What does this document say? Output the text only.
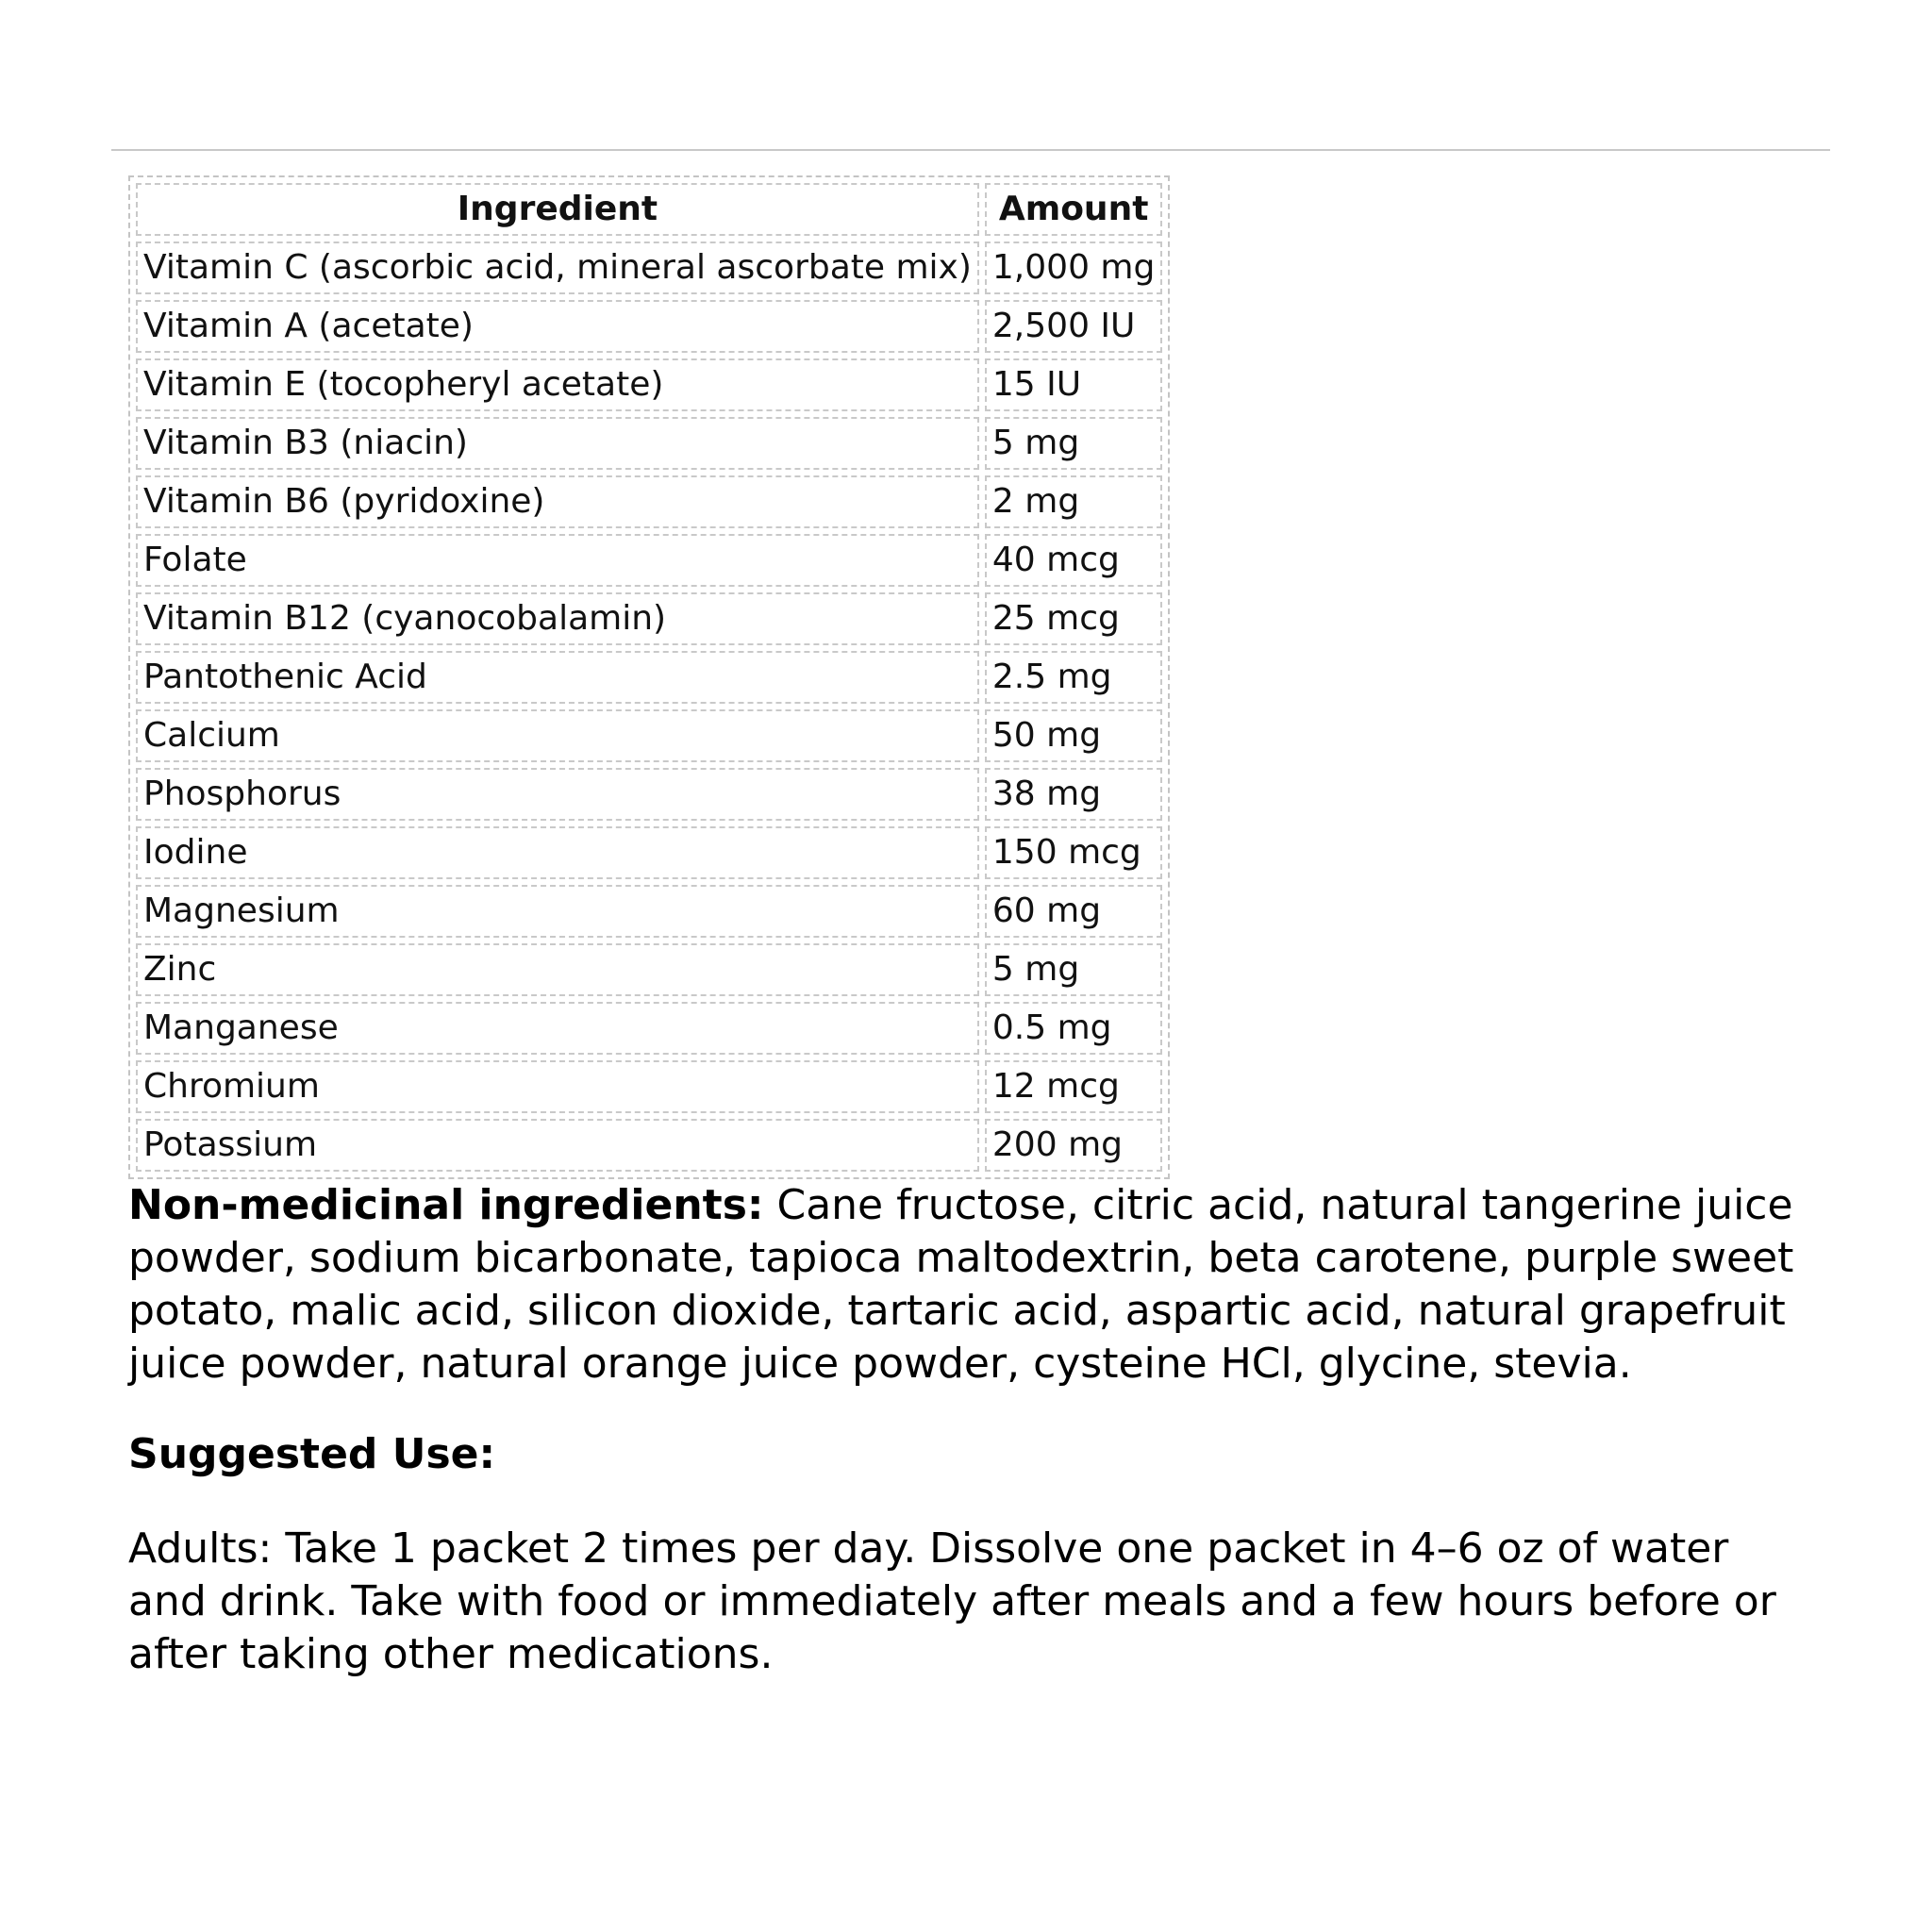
Ingredient	Amount
Vitamin C (ascorbic acid, mineral ascorbate mix)	1,000 mg
Vitamin A (acetate)	2,500 IU
Vitamin E (tocopheryl acetate)	15 IU
Vitamin B3 (niacin)	5 mg
Vitamin B6 (pyridoxine)	2 mg
Folate	40 mcg
Vitamin B12 (cyanocobalamin)	25 mcg
Pantothenic Acid	2.5 mg
Calcium	50 mg
Phosphorus	38 mg
Iodine	150 mcg
Magnesium	60 mg
Zinc	5 mg
Manganese	0.5 mg
Chromium	12 mcg
Potassium	200 mg

Non-medicinal ingredients: Cane fructose, citric acid, natural tangerine juice powder, sodium bicarbonate, tapioca maltodextrin, beta carotene, purple sweet potato, malic acid, silicon dioxide, tartaric acid, aspartic acid, natural grapefruit juice powder, natural orange juice powder, cysteine HCl, glycine, stevia.

Suggested Use:

Adults: Take 1 packet 2 times per day. Dissolve one packet in 4–6 oz of water and drink. Take with food or immediately after meals and a few hours before or after taking other medications.
